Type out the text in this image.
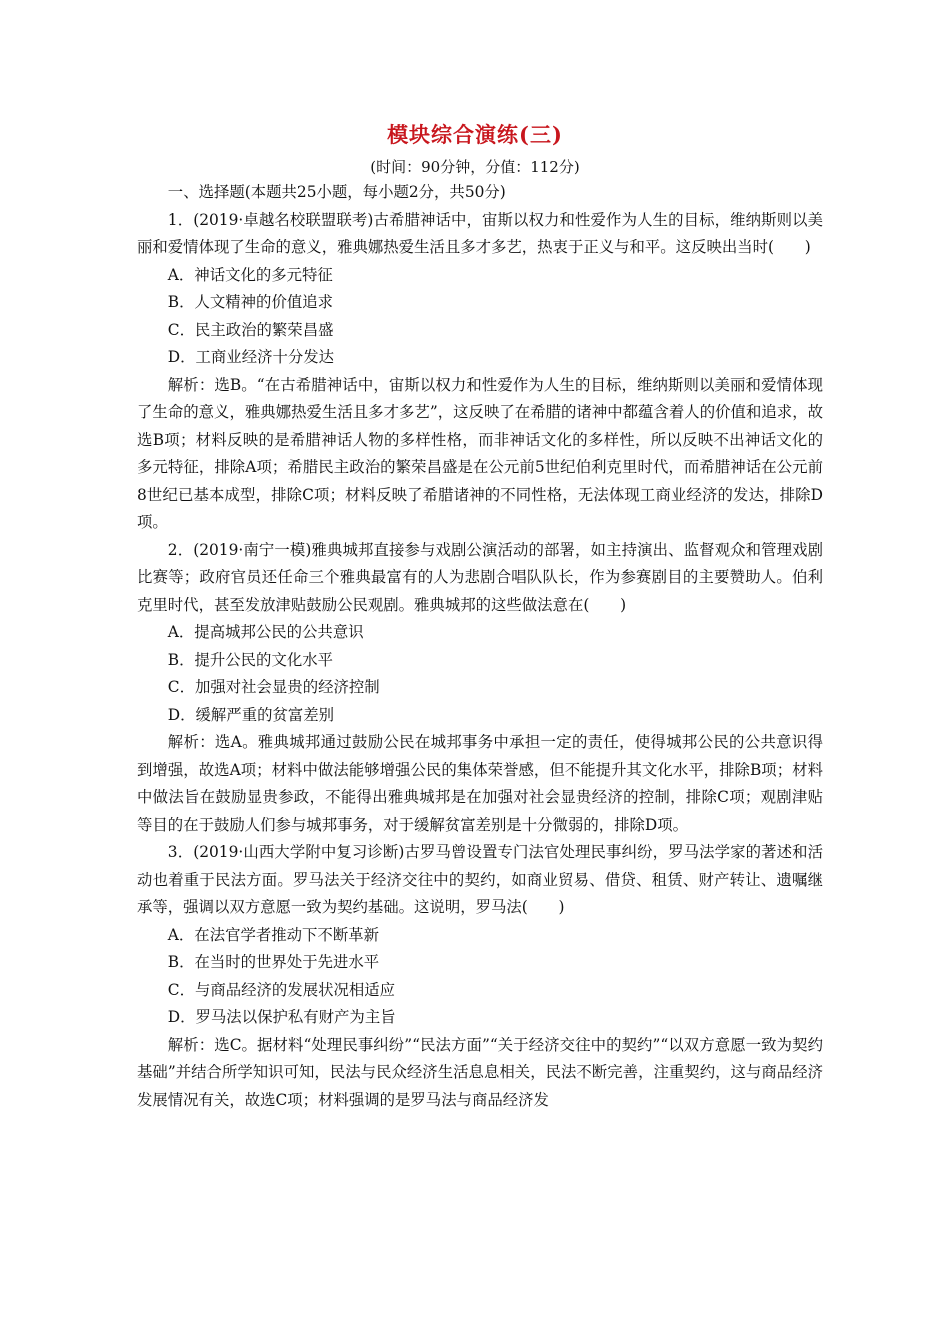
模块综合演练(三)
(时间：90分钟，分值：112分)

一、选择题(本题共25小题，每小题2分，共50分)

1．(2019·卓越名校联盟联考)古希腊神话中，宙斯以权力和性爱作为人生的目标，维纳斯则以美丽和爱情体现了生命的意义，雅典娜热爱生活且多才多艺，热衷于正义与和平。这反映出当时(　　)

A．神话文化的多元特征

B．人文精神的价值追求

C．民主政治的繁荣昌盛

D．工商业经济十分发达

解析：选B。“在古希腊神话中，宙斯以权力和性爱作为人生的目标，维纳斯则以美丽和爱情体现了生命的意义，雅典娜热爱生活且多才多艺”，这反映了在希腊的诸神中都蕴含着人的价值和追求，故选B项；材料反映的是希腊神话人物的多样性格，而非神话文化的多样性，所以反映不出神话文化的多元特征，排除A项；希腊民主政治的繁荣昌盛是在公元前5世纪伯利克里时代，而希腊神话在公元前8世纪已基本成型，排除C项；材料反映了希腊诸神的不同性格，无法体现工商业经济的发达，排除D项。

2．(2019·南宁一模)雅典城邦直接参与戏剧公演活动的部署，如主持演出、监督观众和管理戏剧比赛等；政府官员还任命三个雅典最富有的人为悲剧合唱队队长，作为参赛剧目的主要赞助人。伯利克里时代，甚至发放津贴鼓励公民观剧。雅典城邦的这些做法意在(　　)

A．提高城邦公民的公共意识

B．提升公民的文化水平

C．加强对社会显贵的经济控制

D．缓解严重的贫富差别

解析：选A。雅典城邦通过鼓励公民在城邦事务中承担一定的责任，使得城邦公民的公共意识得到增强，故选A项；材料中做法能够增强公民的集体荣誉感，但不能提升其文化水平，排除B项；材料中做法旨在鼓励显贵参政，不能得出雅典城邦是在加强对社会显贵经济的控制，排除C项；观剧津贴等目的在于鼓励人们参与城邦事务，对于缓解贫富差别是十分微弱的，排除D项。

3．(2019·山西大学附中复习诊断)古罗马曾设置专门法官处理民事纠纷，罗马法学家的著述和活动也着重于民法方面。罗马法关于经济交往中的契约，如商业贸易、借贷、租赁、财产转让、遗嘱继承等，强调以双方意愿一致为契约基础。这说明，罗马法(　　)

A．在法官学者推动下不断革新

B．在当时的世界处于先进水平

C．与商品经济的发展状况相适应

D．罗马法以保护私有财产为主旨

解析：选C。据材料“处理民事纠纷”“民法方面”“关于经济交往中的契约”“以双方意愿一致为契约基础”并结合所学知识可知，民法与民众经济生活息息相关，民法不断完善，注重契约，这与商品经济发展情况有关，故选C项；材料强调的是罗马法与商品经济发
